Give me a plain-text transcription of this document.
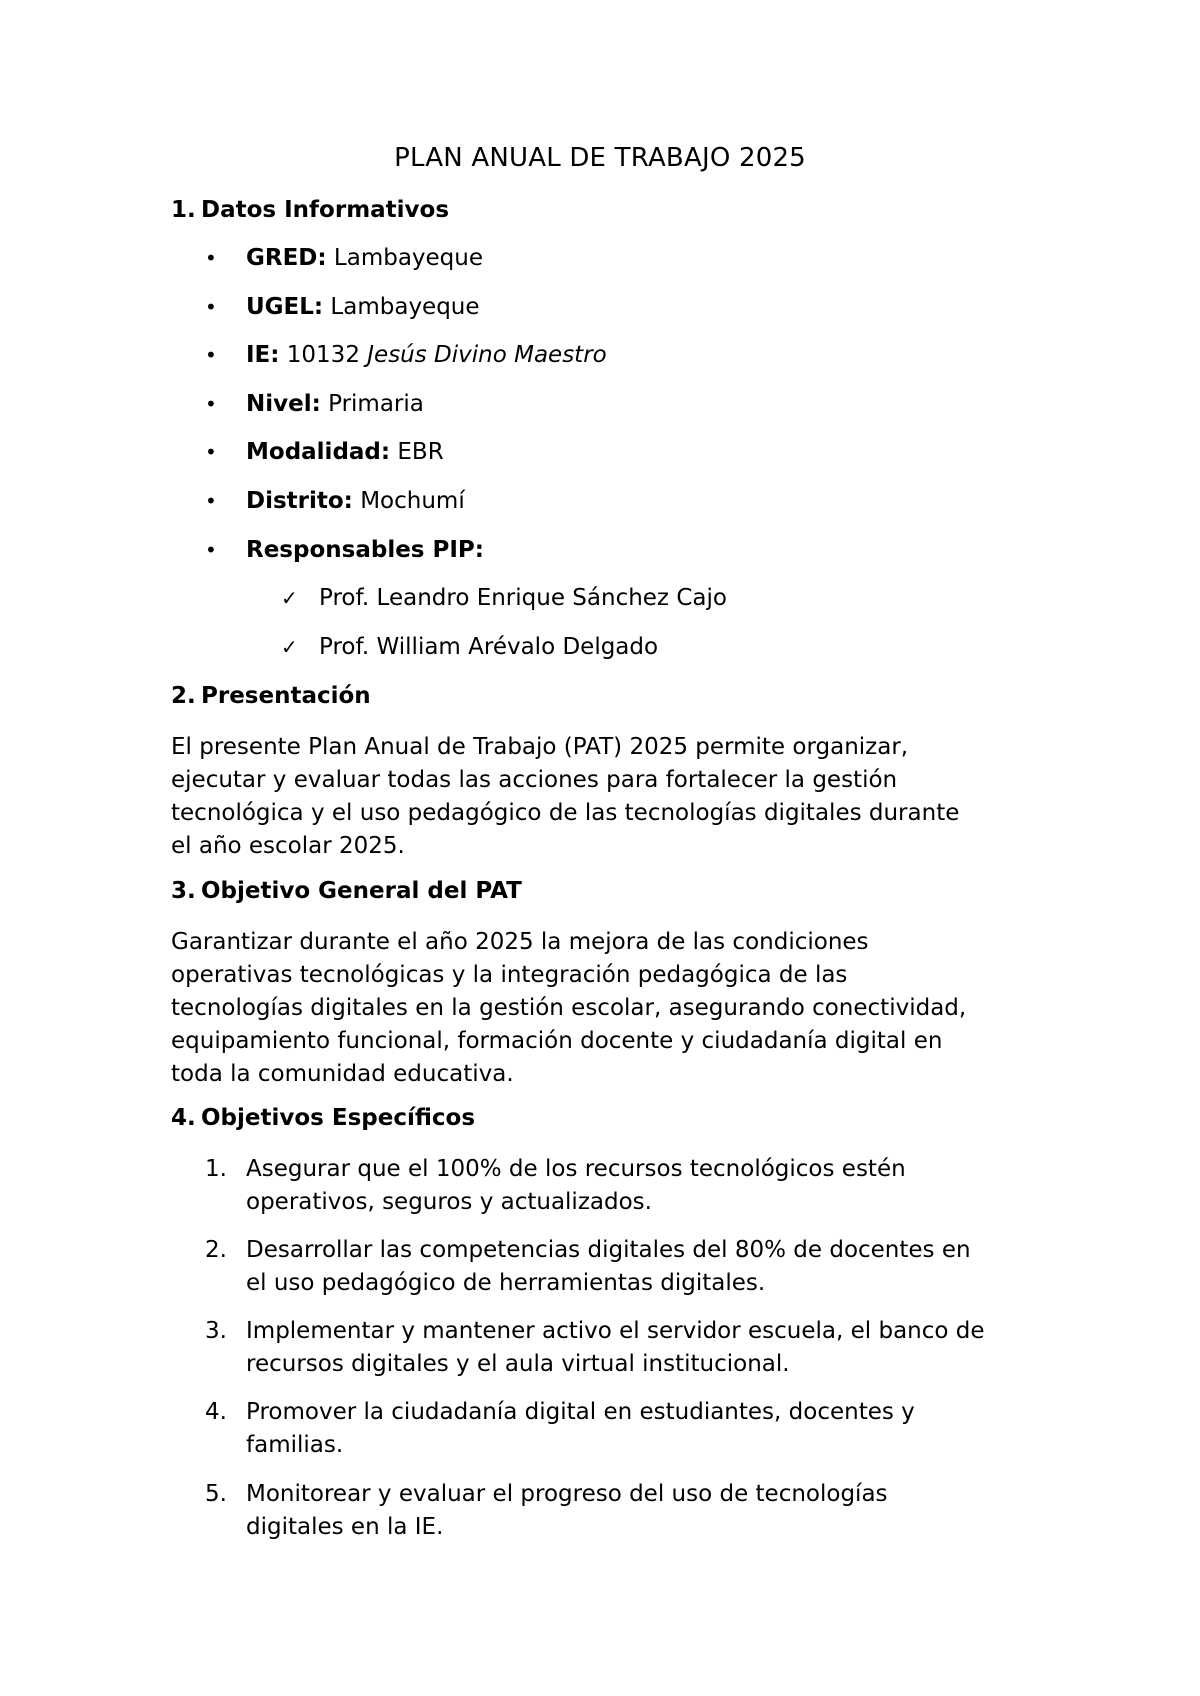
PLAN ANUAL DE TRABAJO 2025
1. Datos Informativos
• GRED: Lambayeque
• UGEL: Lambayeque
• IE: 10132 Jesús Divino Maestro
• Nivel: Primaria
• Modalidad: EBR
• Distrito: Mochumí
• Responsables PIP:
✓ Prof. Leandro Enrique Sánchez Cajo
✓ Prof. William Arévalo Delgado
2. Presentación
El presente Plan Anual de Trabajo (PAT) 2025 permite organizar,
ejecutar y evaluar todas las acciones para fortalecer la gestión
tecnológica y el uso pedagógico de las tecnologías digitales durante
el año escolar 2025.
3. Objetivo General del PAT
Garantizar durante el año 2025 la mejora de las condiciones
operativas tecnológicas y la integración pedagógica de las
tecnologías digitales en la gestión escolar, asegurando conectividad,
equipamiento funcional, formación docente y ciudadanía digital en
toda la comunidad educativa.
4. Objetivos Específicos
1. Asegurar que el 100% de los recursos tecnológicos estén
operativos, seguros y actualizados.
2. Desarrollar las competencias digitales del 80% de docentes en
el uso pedagógico de herramientas digitales.
3. Implementar y mantener activo el servidor escuela, el banco de
recursos digitales y el aula virtual institucional.
4. Promover la ciudadanía digital en estudiantes, docentes y
familias.
5. Monitorear y evaluar el progreso del uso de tecnologías
digitales en la IE.
